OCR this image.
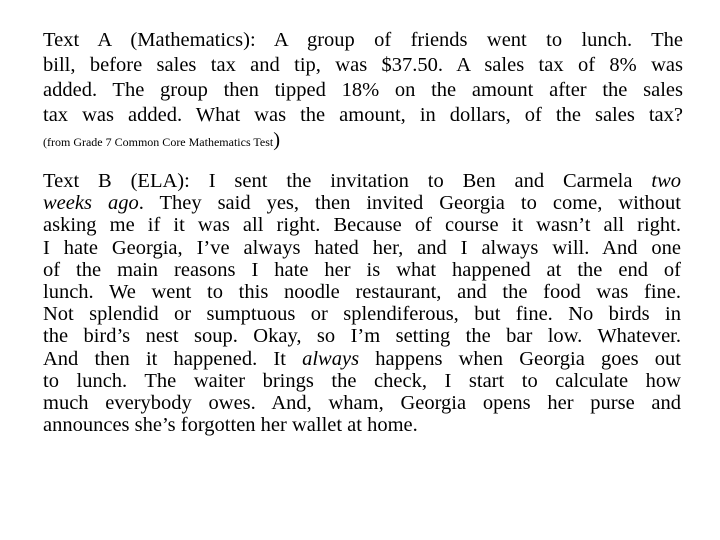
Text A (Mathematics): A group of friends went to lunch. The
bill, before sales tax and tip, was $37.50. A sales tax of 8% was
added. The group then tipped 18% on the amount after the sales
tax was added. What was the amount, in dollars, of the sales tax?
(from Grade 7 Common Core Mathematics Test)
Text B (ELA): I sent the invitation to Ben and Carmela two
weeks ago. They said yes, then invited Georgia to come, without
asking me if it was all right. Because of course it wasn’t all right.
I hate Georgia, I’ve always hated her, and I always will. And one
of the main reasons I hate her is what happened at the end of
lunch. We went to this noodle restaurant, and the food was fine.
Not splendid or sumptuous or splendiferous, but fine. No birds in
the bird’s nest soup. Okay, so I’m setting the bar low. Whatever.
And then it happened. It always happens when Georgia goes out
to lunch. The waiter brings the check, I start to calculate how
much everybody owes. And, wham, Georgia opens her purse and
announces she’s forgotten her wallet at home.
